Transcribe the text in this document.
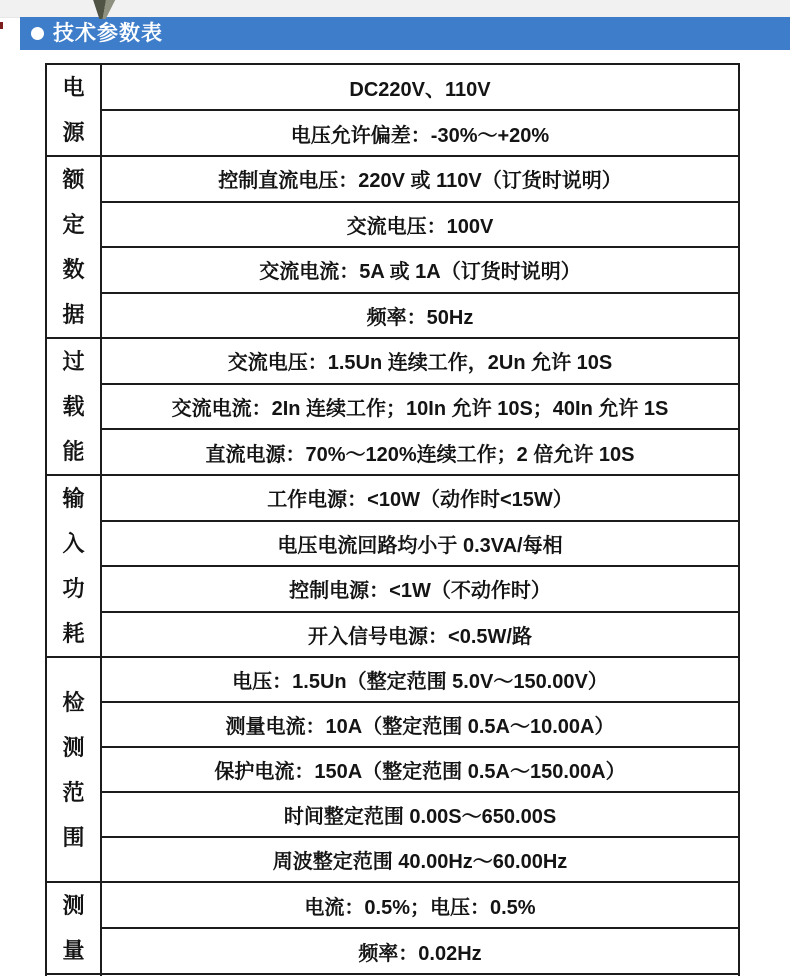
技术参数表
电
源	DC220V、110V
	电压允许偏差：-30%～+20%

额
定
数
据	控制直流电压：220V 或 110V（订货时说明）
	交流电压：100V
	交流电流：5A 或 1A（订货时说明）
	频率：50Hz

过
载
能	交流电压：1.5Un 连续工作，2Un 允许 10S
	交流电流：2In 连续工作；10In 允许 10S；40In 允许 1S
	直流电源：70%～120%连续工作；2 倍允许 10S

输
入
功
耗	工作电源：<10W（动作时<15W）
	电压电流回路均小于 0.3VA/每相
	控制电源：<1W（不动作时）
	开入信号电源：<0.5W/路

检
测
范
围	电压：1.5Un（整定范围 5.0V～150.00V）
	测量电流：10A（整定范围 0.5A～10.00A）
	保护电流：150A（整定范围 0.5A～150.00A）
	时间整定范围 0.00S～650.00S
	周波整定范围 40.00Hz～60.00Hz

测
量	电流：0.5%；电压：0.5%
	频率：0.02Hz
